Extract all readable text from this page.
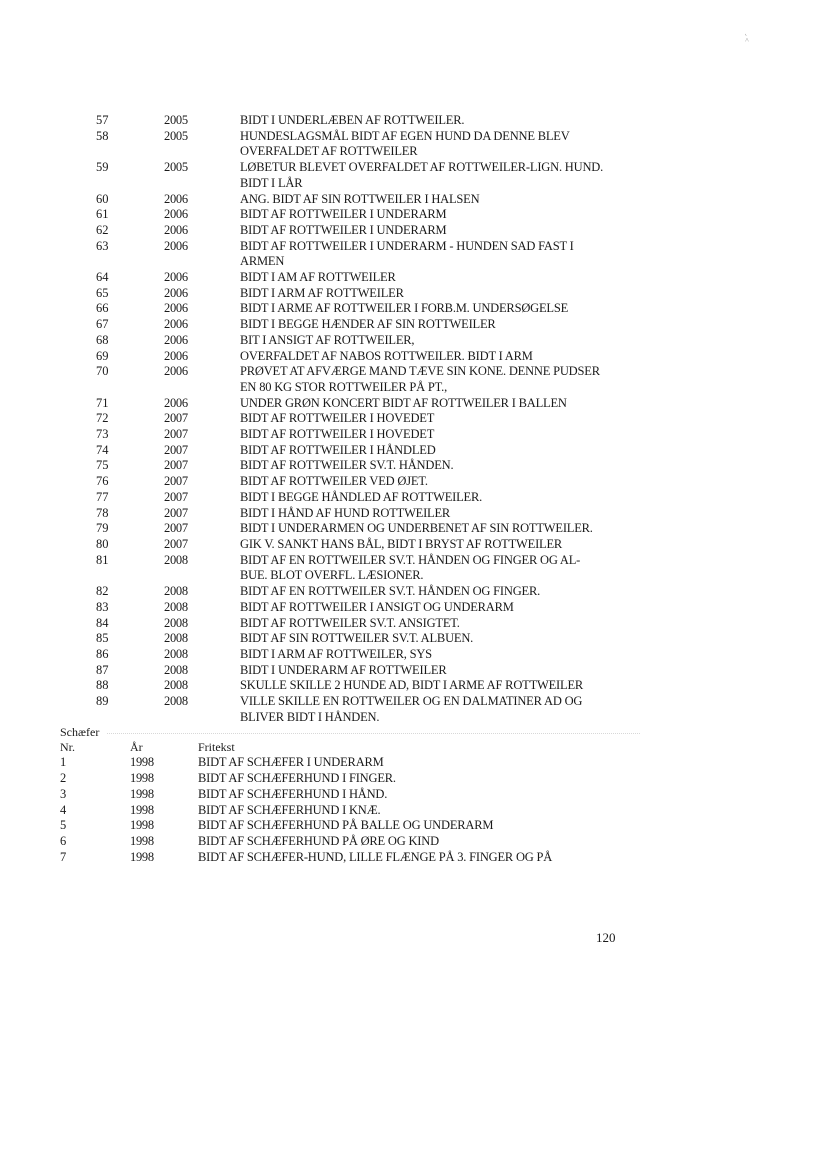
˛ ˄
57	2005	BIDT I UNDERLÆBEN AF ROTTWEILER.
58	2005	HUNDESLAGSMÅL BIDT AF EGEN HUND DA DENNE BLEV
OVERFALDET AF ROTTWEILER
59	2005	LØBETUR BLEVET OVERFALDET AF ROTTWEILER-LIGN. HUND.
BIDT I LÅR
60	2006	ANG. BIDT AF SIN ROTTWEILER I HALSEN
61	2006	BIDT AF ROTTWEILER I UNDERARM
62	2006	BIDT AF ROTTWEILER I UNDERARM
63	2006	BIDT AF ROTTWEILER I UNDERARM - HUNDEN SAD FAST I
ARMEN
64	2006	BIDT I AM AF ROTTWEILER
65	2006	BIDT I ARM AF ROTTWEILER
66	2006	BIDT I ARME AF ROTTWEILER I FORB.M. UNDERSØGELSE
67	2006	BIDT I BEGGE HÆNDER AF SIN ROTTWEILER
68	2006	BIT I ANSIGT AF ROTTWEILER,
69	2006	OVERFALDET AF NABOS ROTTWEILER. BIDT I ARM
70	2006	PRØVET AT AFVÆRGE MAND TÆVE SIN KONE. DENNE PUDSER
EN 80 KG STOR ROTTWEILER PÅ PT.,
71	2006	UNDER GRØN KONCERT BIDT AF ROTTWEILER I BALLEN
72	2007	BIDT AF ROTTWEILER I HOVEDET
73	2007	BIDT AF ROTTWEILER I HOVEDET
74	2007	BIDT AF ROTTWEILER I HÅNDLED
75	2007	BIDT AF ROTTWEILER SV.T. HÅNDEN.
76	2007	BIDT AF ROTTWEILER VED ØJET.
77	2007	BIDT I BEGGE HÅNDLED AF ROTTWEILER.
78	2007	BIDT I HÅND AF HUND ROTTWEILER
79	2007	BIDT I UNDERARMEN OG UNDERBENET AF SIN ROTTWEILER.
80	2007	GIK V. SANKT HANS BÅL, BIDT I BRYST AF ROTTWEILER
81	2008	BIDT AF EN ROTTWEILER SV.T. HÅNDEN OG FINGER OG AL-
BUE. BLOT OVERFL. LÆSIONER.
82	2008	BIDT AF EN ROTTWEILER SV.T. HÅNDEN OG FINGER.
83	2008	BIDT AF ROTTWEILER I ANSIGT OG UNDERARM
84	2008	BIDT AF ROTTWEILER SV.T. ANSIGTET.
85	2008	BIDT AF SIN ROTTWEILER SV.T. ALBUEN.
86	2008	BIDT I ARM AF ROTTWEILER, SYS
87	2008	BIDT I UNDERARM AF ROTTWEILER
88	2008	SKULLE SKILLE 2 HUNDE AD, BIDT I ARME AF ROTTWEILER
89	2008	VILLE SKILLE EN ROTTWEILER OG EN DALMATINER AD OG
BLIVER BIDT I HÅNDEN.
Schæfer
Nr.	År	Fritekst
1	1998	BIDT AF SCHÆFER I UNDERARM
2	1998	BIDT AF SCHÆFERHUND I FINGER.
3	1998	BIDT AF SCHÆFERHUND I HÅND.
4	1998	BIDT AF SCHÆFERHUND I KNÆ.
5	1998	BIDT AF SCHÆFERHUND PÅ BALLE OG UNDERARM
6	1998	BIDT AF SCHÆFERHUND PÅ ØRE OG KIND
7	1998	BIDT AF SCHÆFER-HUND, LILLE FLÆNGE PÅ 3. FINGER OG PÅ
120
